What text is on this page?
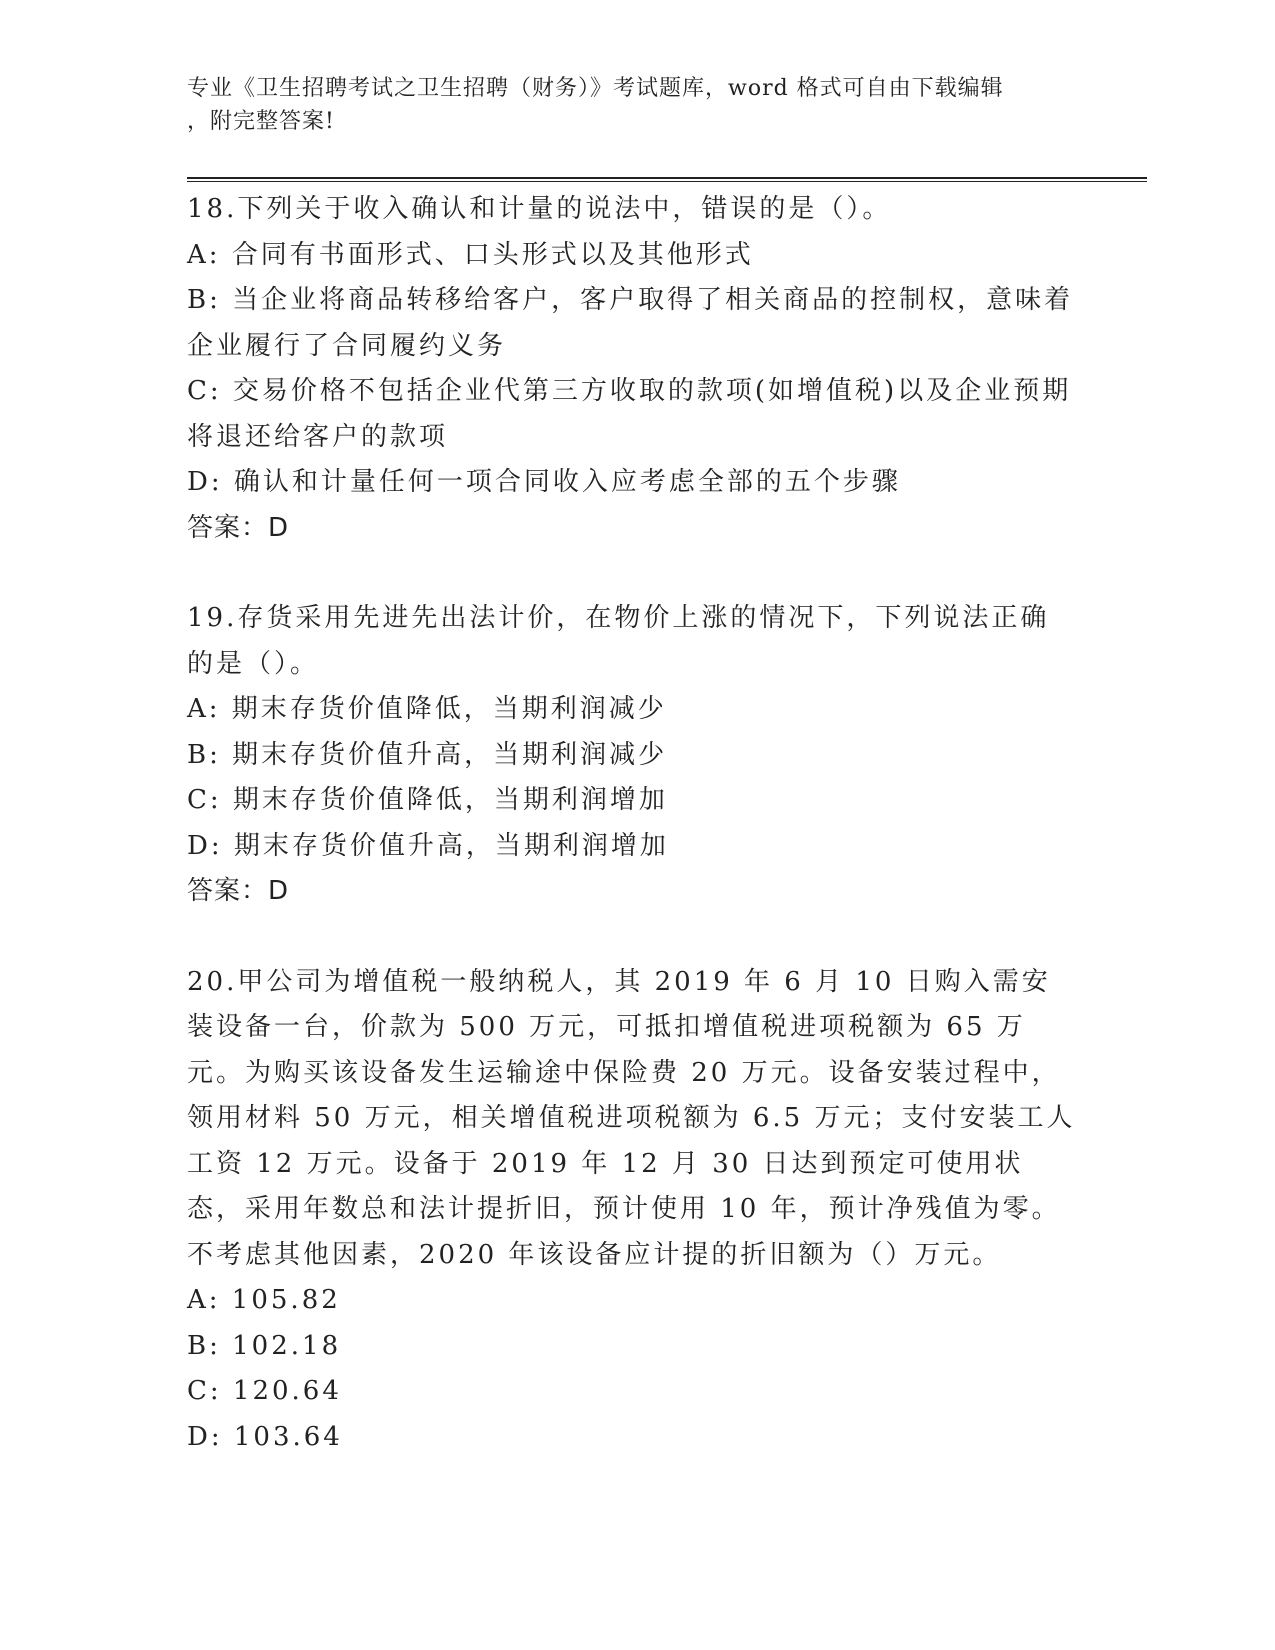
专业《卫生招聘考试之卫生招聘（财务）》考试题库，word 格式可自由下载编辑
，附完整答案!

18.下列关于收入确认和计量的说法中，错误的是（）。

A: 合同有书面形式、口头形式以及其他形式

B: 当企业将商品转移给客户，客户取得了相关商品的控制权，意味着企业履行了合同履约义务

C: 交易价格不包括企业代第三方收取的款项(如增值税)以及企业预期将退还给客户的款项

D: 确认和计量任何一项合同收入应考虑全部的五个步骤

答案：D

19.存货采用先进先出法计价，在物价上涨的情况下，下列说法正确的是（）。

A: 期末存货价值降低，当期利润减少

B: 期末存货价值升高，当期利润减少

C: 期末存货价值降低，当期利润增加

D: 期末存货价值升高，当期利润增加

答案：D

20.甲公司为增值税一般纳税人，其 2019 年 6 月 10 日购入需安装设备一台，价款为 500 万元，可抵扣增值税进项税额为 65 万元。为购买该设备发生运输途中保险费 20 万元。设备安装过程中，领用材料 50 万元，相关增值税进项税额为 6.5 万元；支付安装工人工资 12 万元。设备于 2019 年 12 月 30 日达到预定可使用状态，采用年数总和法计提折旧，预计使用 10 年，预计净残值为零。不考虑其他因素，2020 年该设备应计提的折旧额为（）万元。

A: 105.82

B: 102.18

C: 120.64

D: 103.64
